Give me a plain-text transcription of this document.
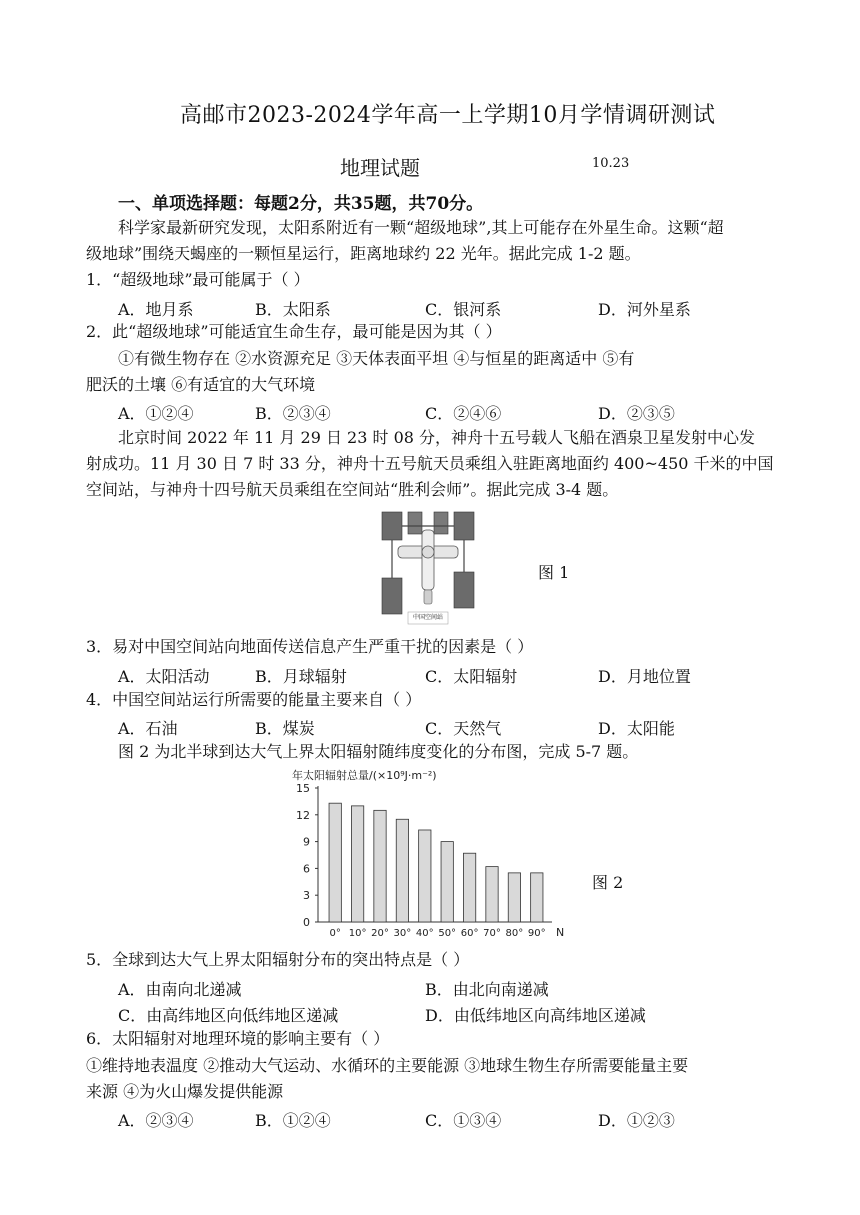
高邮市2023-2024学年高一上学期10月学情调研测试
地理试题	10.23
一、单项选择题：每题2分，共35题，共70分。
科学家最新研究发现，太阳系附近有一颗“超级地球”,其上可能存在外星生命。这颗“超
级地球”围绕天蝎座的一颗恒星运行，距离地球约 22 光年。据此完成 1-2 题。
1．“超级地球”最可能属于（ ）
A．地月系	B．太阳系	C．银河系	D．河外星系
2．此“超级地球”可能适宜生命生存，最可能是因为其（ ）
①有微生物存在 ②水资源充足 ③天体表面平坦 ④与恒星的距离适中 ⑤有
肥沃的土壤 ⑥有适宜的大气环境
A．①②④	B．②③④	C．②④⑥	D．②③⑤
北京时间 2022 年 11 月 29 日 23 时 08 分，神舟十五号载人飞船在酒泉卫星发射中心发
射成功。11 月 30 日 7 时 33 分，神舟十五号航天员乘组入驻距离地面约 400~450 千米的中国
空间站，与神舟十四号航天员乘组在空间站“胜利会师”。据此完成 3-4 题。
中国空间站
图 1
3．易对中国空间站向地面传送信息产生严重干扰的因素是（ ）
A．太阳活动	B．月球辐射	C．太阳辐射	D．月地位置
4．中国空间站运行所需要的能量主要来自（ ）
A．石油	B．煤炭	C．天然气	D．太阳能
图 2 为北半球到达大气上界太阳辐射随纬度变化的分布图，完成 5-7 题。
年太阳辐射总量/(×10⁹J·m⁻²)
0
3
6
9
12
15
0° 10° 20° 30° 40° 50° 60° 70° 80° 90° N
图 2
5．全球到达大气上界太阳辐射分布的突出特点是（ ）
A．由南向北递减	B．由北向南递减
C．由高纬地区向低纬地区递减	D．由低纬地区向高纬地区递减
6．太阳辐射对地理环境的影响主要有（ ）
①维持地表温度 ②推动大气运动、水循环的主要能源 ③地球生物生存所需要能量主要
来源 ④为火山爆发提供能源
A．②③④	B．①②④	C．①③④	D．①②③
